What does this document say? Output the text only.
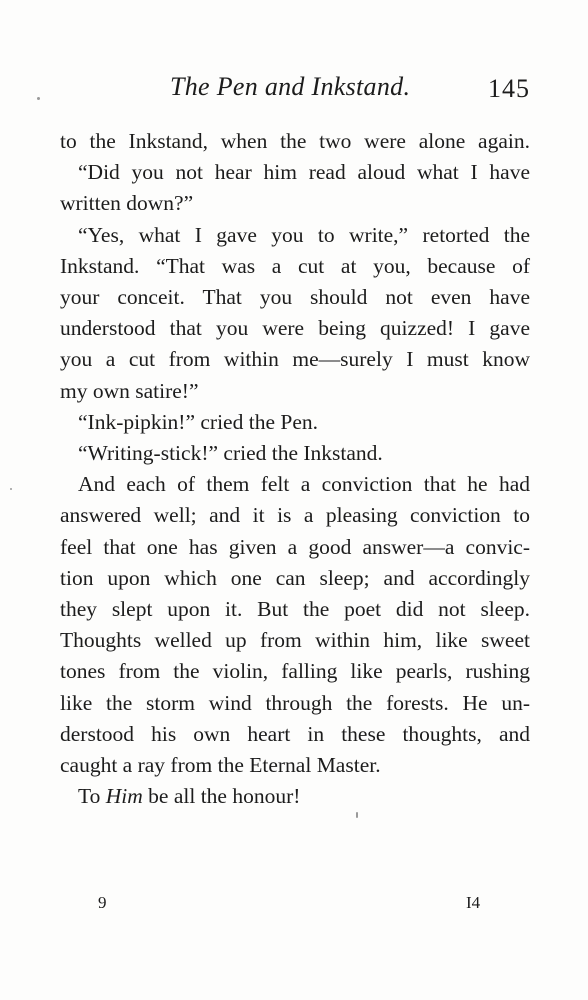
The Pen and Inkstand.	145
to the Inkstand, when the two were alone again.
“Did you not hear him read aloud what I have
written down?”
“Yes, what I gave you to write,” retorted the
Inkstand. “That was a cut at you, because of
your conceit. That you should not even have
understood that you were being quizzed! I gave
you a cut from within me—surely I must know
my own satire!”
“Ink-pipkin!” cried the Pen.
“Writing-stick!” cried the Inkstand.
And each of them felt a conviction that he had
answered well; and it is a pleasing conviction to
feel that one has given a good answer—a convic-
tion upon which one can sleep; and accordingly
they slept upon it. But the poet did not sleep.
Thoughts welled up from within him, like sweet
tones from the violin, falling like pearls, rushing
like the storm wind through the forests. He un-
derstood his own heart in these thoughts, and
caught a ray from the Eternal Master.
To Him be all the honour!
9	I4
